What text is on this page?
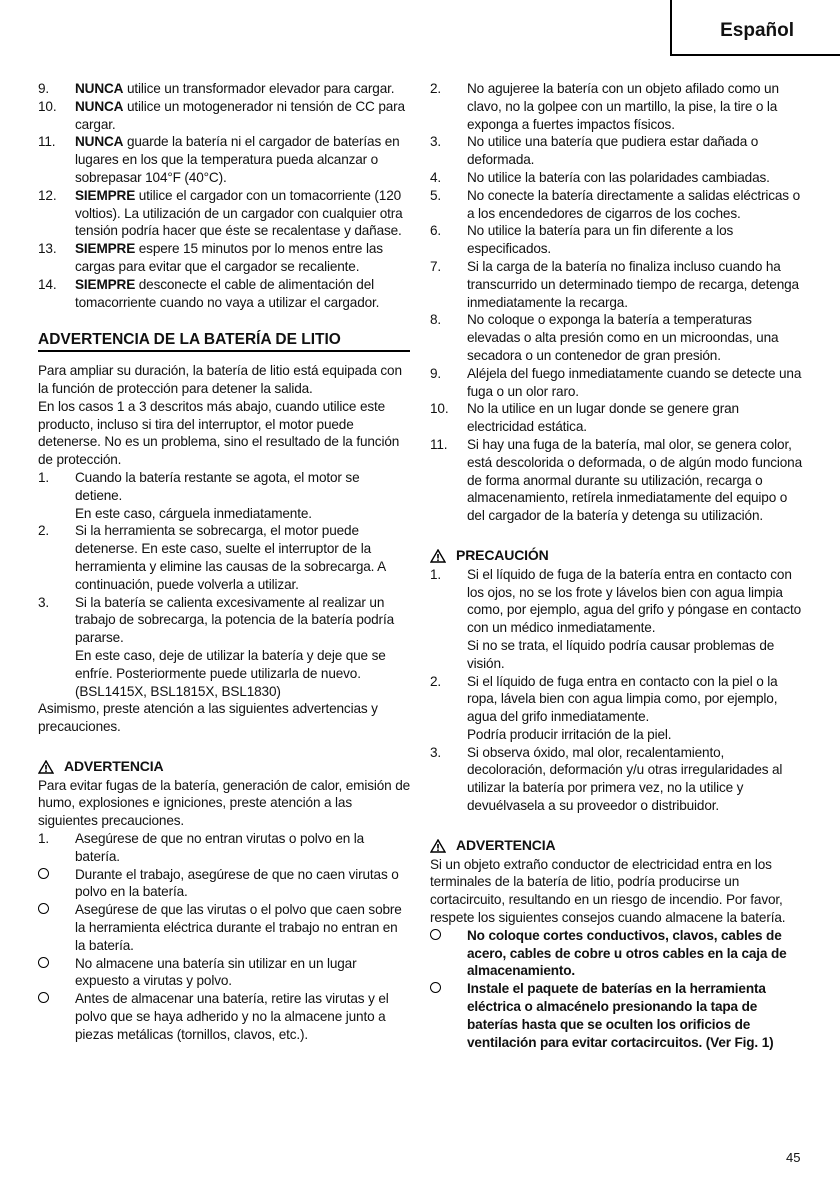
Español
9. NUNCA utilice un transformador elevador para cargar.
10. NUNCA utilice un motogenerador ni tensión de CC para cargar.
11. NUNCA guarde la batería ni el cargador de baterías en lugares en los que la temperatura pueda alcanzar o sobrepasar 104°F (40°C).
12. SIEMPRE utilice el cargador con un tomacorriente (120 voltios). La utilización de un cargador con cualquier otra tensión podría hacer que éste se recalentase y dañase.
13. SIEMPRE espere 15 minutos por lo menos entre las cargas para evitar que el cargador se recaliente.
14. SIEMPRE desconecte el cable de alimentación del tomacorriente cuando no vaya a utilizar el cargador.
ADVERTENCIA DE LA BATERÍA DE LITIO

Para ampliar su duración, la batería de litio está equipada con la función de protección para detener la salida.

En los casos 1 a 3 descritos más abajo, cuando utilice este producto, incluso si tira del interruptor, el motor puede detenerse. No es un problema, sino el resultado de la función de protección.

1. Cuando la batería restante se agota, el motor se detiene.
En este caso, cárguela inmediatamente.
2. Si la herramienta se sobrecarga, el motor puede detenerse. En este caso, suelte el interruptor de la herramienta y elimine las causas de la sobrecarga. A continuación, puede volverla a utilizar.
3. Si la batería se calienta excesivamente al realizar un trabajo de sobrecarga, la potencia de la batería podría pararse.
En este caso, deje de utilizar la batería y deje que se enfríe. Posteriormente puede utilizarla de nuevo. (BSL1415X, BSL1815X, BSL1830)

Asimismo, preste atención a las siguientes advertencias y precauciones.

ADVERTENCIA

Para evitar fugas de la batería, generación de calor, emisión de humo, explosiones e igniciones, preste atención a las siguientes precauciones.

1. Asegúrese de que no entran virutas o polvo en la batería.
Durante el trabajo, asegúrese de que no caen virutas o polvo en la batería.
Asegúrese de que las virutas o el polvo que caen sobre la herramienta eléctrica durante el trabajo no entran en la batería.
No almacene una batería sin utilizar en un lugar expuesto a virutas y polvo.
Antes de almacenar una batería, retire las virutas y el polvo que se haya adherido y no la almacene junto a piezas metálicas (tornillos, clavos, etc.).
2. No agujeree la batería con un objeto afilado como un clavo, no la golpee con un martillo, la pise, la tire o la exponga a fuertes impactos físicos.
3. No utilice una batería que pudiera estar dañada o deformada.
4. No utilice la batería con las polaridades cambiadas.
5. No conecte la batería directamente a salidas eléctricas o a los encendedores de cigarros de los coches.
6. No utilice la batería para un fin diferente a los especificados.
7. Si la carga de la batería no finaliza incluso cuando ha transcurrido un determinado tiempo de recarga, detenga inmediatamente la recarga.
8. No coloque o exponga la batería a temperaturas elevadas o alta presión como en un microondas, una secadora o un contenedor de gran presión.
9. Aléjela del fuego inmediatamente cuando se detecte una fuga o un olor raro.
10. No la utilice en un lugar donde se genere gran electricidad estática.
11. Si hay una fuga de la batería, mal olor, se genera color, está descolorida o deformada, o de algún modo funciona de forma anormal durante su utilización, recarga o almacenamiento, retírela inmediatamente del equipo o del cargador de la batería y detenga su utilización.
PRECAUCIÓN
1. Si el líquido de fuga de la batería entra en contacto con los ojos, no se los frote y lávelos bien con agua limpia como, por ejemplo, agua del grifo y póngase en contacto con un médico inmediatamente.
Si no se trata, el líquido podría causar problemas de visión.
2. Si el líquido de fuga entra en contacto con la piel o la ropa, lávela bien con agua limpia como, por ejemplo, agua del grifo inmediatamente.
Podría producir irritación de la piel.
3. Si observa óxido, mal olor, recalentamiento, decoloración, deformación y/u otras irregularidades al utilizar la batería por primera vez, no la utilice y devuélvasela a su proveedor o distribuidor.
ADVERTENCIA

Si un objeto extraño conductor de electricidad entra en los terminales de la batería de litio, podría producirse un cortacircuito, resultando en un riesgo de incendio. Por favor, respete los siguientes consejos cuando almacene la batería.

No coloque cortes conductivos, clavos, cables de acero, cables de cobre u otros cables en la caja de almacenamiento.
Instale el paquete de baterías en la herramienta eléctrica o almacénelo presionando la tapa de baterías hasta que se oculten los orificios de ventilación para evitar cortacircuitos. (Ver Fig. 1)
45
